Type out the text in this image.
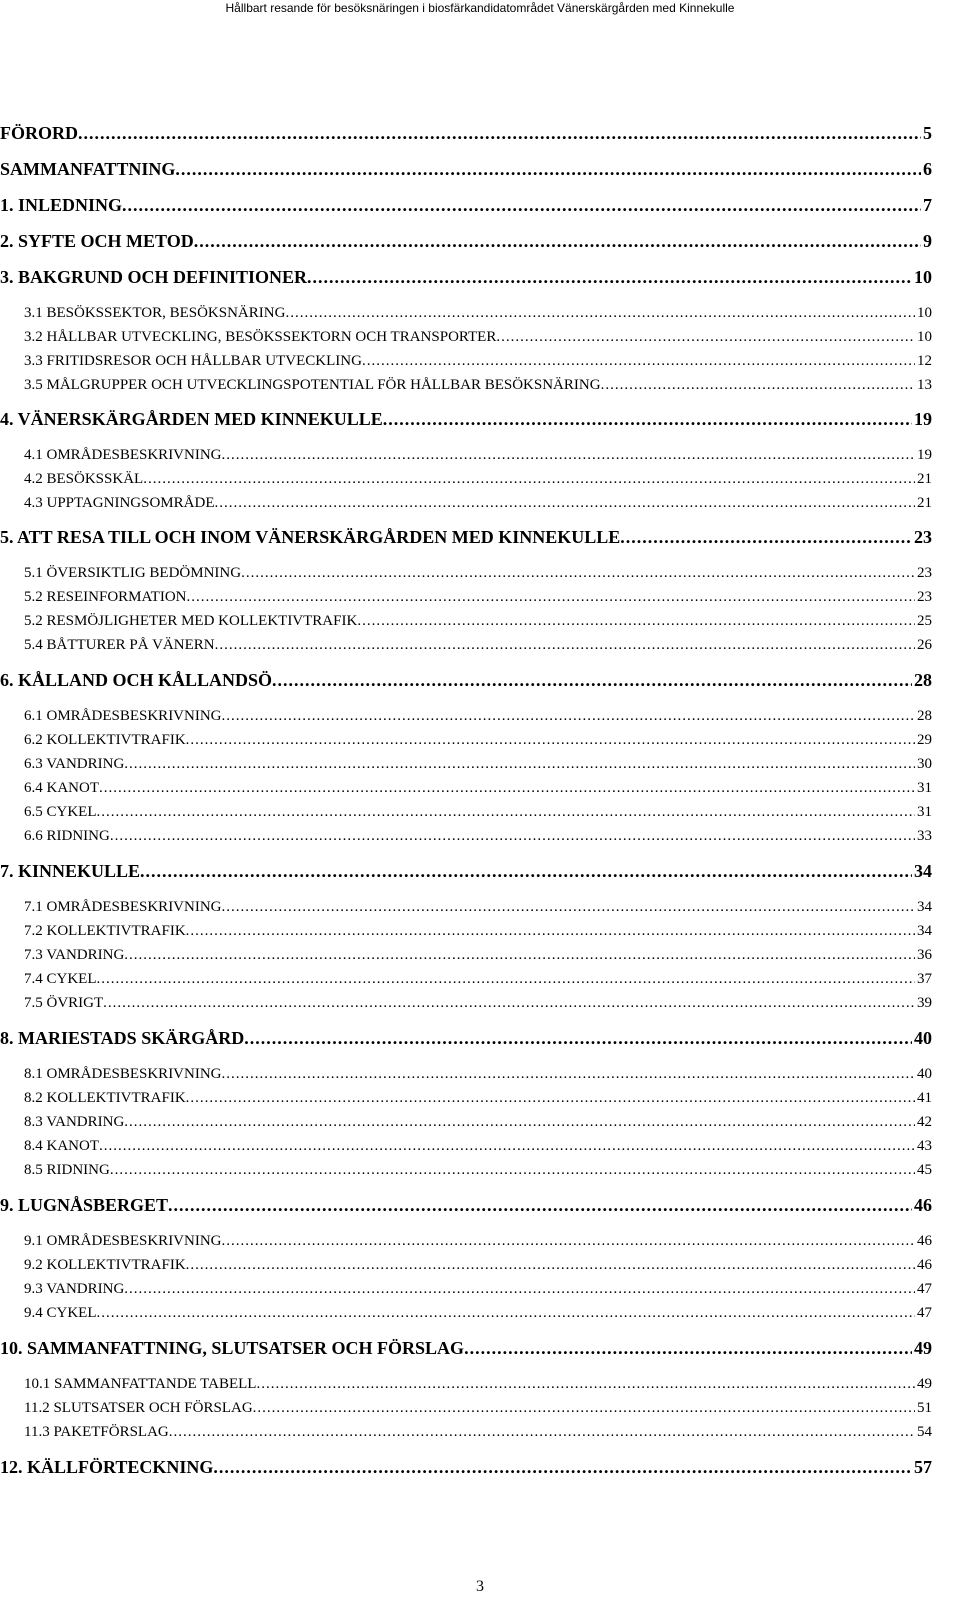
Hållbart resande för besöksnäringen i biosfärkandidatområdet Vänerskärgården med Kinnekulle
FÖRORD .....	5
SAMMANFATTNING .....	6
1. INLEDNING .....	7
2. SYFTE OCH METOD .....	9
3. BAKGRUND OCH DEFINITIONER .....	10
3.1 BESÖKSSEKTOR, BESÖKSNÄRING .....	10
3.2 HÅLLBAR UTVECKLING, BESÖKSSEKTORN OCH TRANSPORTER .....	10
3.3 FRITIDSRESOR OCH HÅLLBAR UTVECKLING .....	12
3.5 MÅLGRUPPER OCH UTVECKLINGSPOTENTIAL FÖR HÅLLBAR BESÖKSNÄRING .....	13
4. VÄNERSKÄRGÅRDEN MED KINNEKULLE .....	19
4.1 OMRÅDESBESKRIVNING .....	19
4.2 BESÖKSSKÄL .....	21
4.3 UPPTAGNINGSOMRÅDE .....	21
5. ATT RESA TILL OCH INOM VÄNERSKÄRGÅRDEN MED KINNEKULLE .....	23
5.1 ÖVERSIKTLIG BEDÖMNING .....	23
5.2 RESEINFORMATION .....	23
5.2 RESMÖJLIGHETER MED KOLLEKTIVTRAFIK .....	25
5.4 BÅTTURER PÅ VÄNERN .....	26
6. KÅLLAND OCH KÅLLANDSÖ .....	28
6.1 OMRÅDESBESKRIVNING .....	28
6.2 KOLLEKTIVTRAFIK .....	29
6.3 VANDRING .....	30
6.4 KANOT .....	31
6.5 CYKEL .....	31
6.6 RIDNING .....	33
7. KINNEKULLE .....	34
7.1 OMRÅDESBESKRIVNING .....	34
7.2 KOLLEKTIVTRAFIK .....	34
7.3 VANDRING .....	36
7.4 CYKEL .....	37
7.5 ÖVRIGT .....	39
8. MARIESTADS SKÄRGÅRD .....	40
8.1 OMRÅDESBESKRIVNING .....	40
8.2 KOLLEKTIVTRAFIK .....	41
8.3 VANDRING .....	42
8.4 KANOT .....	43
8.5 RIDNING .....	45
9. LUGNÅSBERGET .....	46
9.1 OMRÅDESBESKRIVNING .....	46
9.2 KOLLEKTIVTRAFIK .....	46
9.3 VANDRING .....	47
9.4 CYKEL .....	47
10. SAMMANFATTNING, SLUTSATSER OCH FÖRSLAG .....	49
10.1 SAMMANFATTANDE TABELL .....	49
11.2 SLUTSATSER OCH FÖRSLAG .....	51
11.3 PAKETFÖRSLAG .....	54
12. KÄLLFÖRTECKNING .....	57
3
